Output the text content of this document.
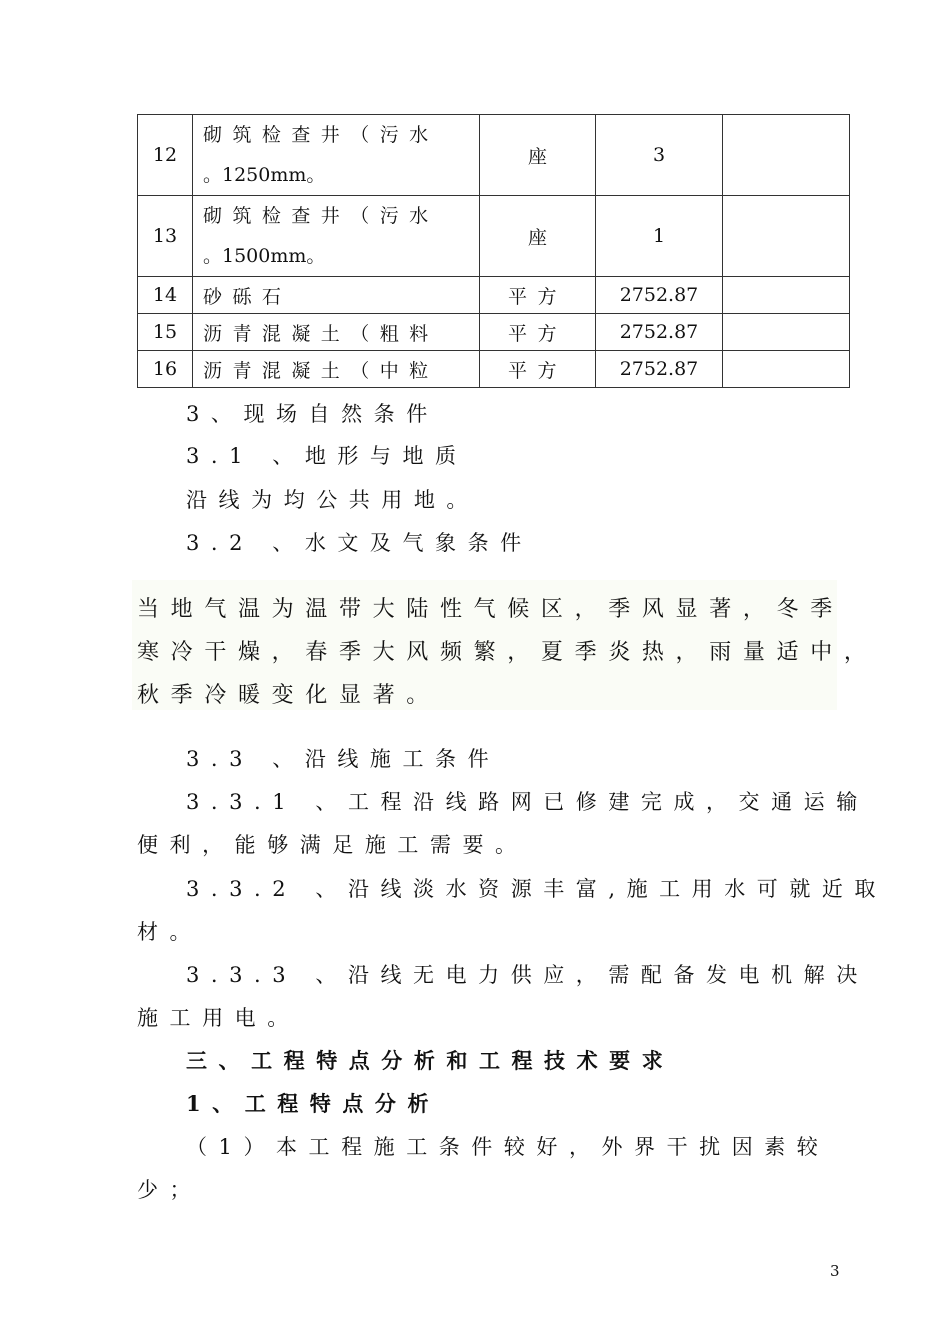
12	砌筑检查井（污水
。1250mm。	座	3	
13	砌筑检查井（污水
。1500mm。	座	1	
14	砂砾石	平方	2752.87	
15	沥青混凝土（粗料	平方	2752.87	
16	沥青混凝土（中粒	平方	2752.87	
3、现场自然条件
3.1 、地形与地质
沿线为均公共用地。
3.2 、水文及气象条件
当地气温为温带大陆性气候区，季风显著，冬季
寒冷干燥，春季大风频繁，夏季炎热，雨量适中，
秋季冷暖变化显著。
3.3 、沿线施工条件
3.3.1 、工程沿线路网已修建完成，交通运输
便利，能够满足施工需要。
3.3.2 、沿线淡水资源丰富,施工用水可就近取
材。
3.3.3 、沿线无电力供应，需配备发电机解决
施工用电。
三、工程特点分析和工程技术要求
1、工程特点分析
（1）本工程施工条件较好，外界干扰因素较
少；
3
